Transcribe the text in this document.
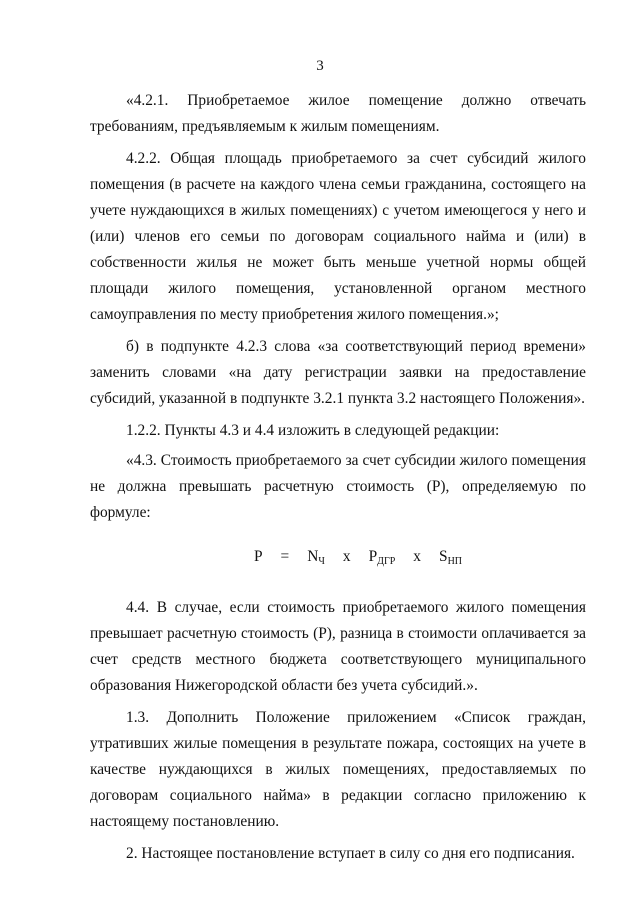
3

«4.2.1. Приобретаемое жилое помещение должно отвечать требованиям, предъявляемым к жилым помещениям.

4.2.2. Общая площадь приобретаемого за счет субсидий жилого помещения (в расчете на каждого члена семьи гражданина, состоящего на учете нуждающихся в жилых помещениях) с учетом имеющегося у него и (или) членов его семьи по договорам социального найма и (или) в собственности жилья не может быть меньше учетной нормы общей площади жилого помещения, установленной органом местного самоуправления по месту приобретения жилого помещения.»;

б) в подпункте 4.2.3 слова «за соответствующий период времени» заменить словами «на дату регистрации заявки на предоставление субсидий, указанной в подпункте 3.2.1 пункта 3.2 настоящего Положения».

1.2.2. Пункты 4.3 и 4.4 изложить в следующей редакции:

«4.3. Стоимость приобретаемого за счет субсидии жилого помещения не должна превышать расчетную стоимость (Р), определяемую по формуле:

$P = N_Ч$ x $P_{ДГР}$ x $S_{НП}$

4.4. В случае, если стоимость приобретаемого жилого помещения превышает расчетную стоимость (Р), разница в стоимости оплачивается за счет средств местного бюджета соответствующего муниципального образования Нижегородской области без учета субсидий.».

1.3. Дополнить Положение приложением «Список граждан, утративших жилые помещения в результате пожара, состоящих на учете в качестве нуждающихся в жилых помещениях, предоставляемых по договорам социального найма» в редакции согласно приложению к настоящему постановлению.

2. Настоящее постановление вступает в силу со дня его подписания.
